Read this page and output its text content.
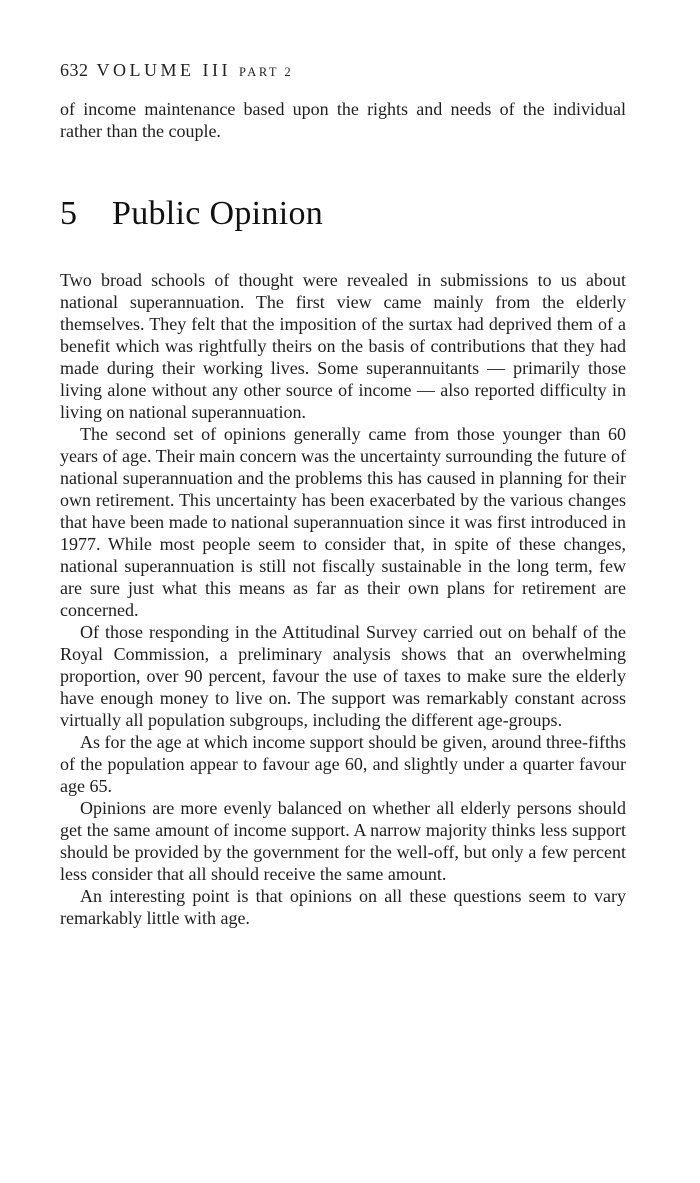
632 VOLUME III PART 2

of income maintenance based upon the rights and needs of the individual rather than the couple.

5 Public Opinion

Two broad schools of thought were revealed in submissions to us about national superannuation. The first view came mainly from the elderly themselves. They felt that the imposition of the surtax had deprived them of a benefit which was rightfully theirs on the basis of contributions that they had made during their working lives. Some superannuitants — primarily those living alone without any other source of income — also reported difficulty in living on national superannuation.

The second set of opinions generally came from those younger than 60 years of age. Their main concern was the uncertainty surrounding the future of national superannuation and the problems this has caused in planning for their own retirement. This uncertainty has been exacerbated by the various changes that have been made to national superannuation since it was first introduced in 1977. While most people seem to consider that, in spite of these changes, national superannuation is still not fiscally sustainable in the long term, few are sure just what this means as far as their own plans for retirement are concerned.

Of those responding in the Attitudinal Survey carried out on behalf of the Royal Commission, a preliminary analysis shows that an overwhelming proportion, over 90 percent, favour the use of taxes to make sure the elderly have enough money to live on. The support was remarkably constant across virtually all population subgroups, including the different age-groups.

As for the age at which income support should be given, around three-fifths of the population appear to favour age 60, and slightly under a quarter favour age 65.

Opinions are more evenly balanced on whether all elderly persons should get the same amount of income support. A narrow majority thinks less support should be provided by the government for the well-off, but only a few percent less consider that all should receive the same amount.

An interesting point is that opinions on all these questions seem to vary remarkably little with age.
